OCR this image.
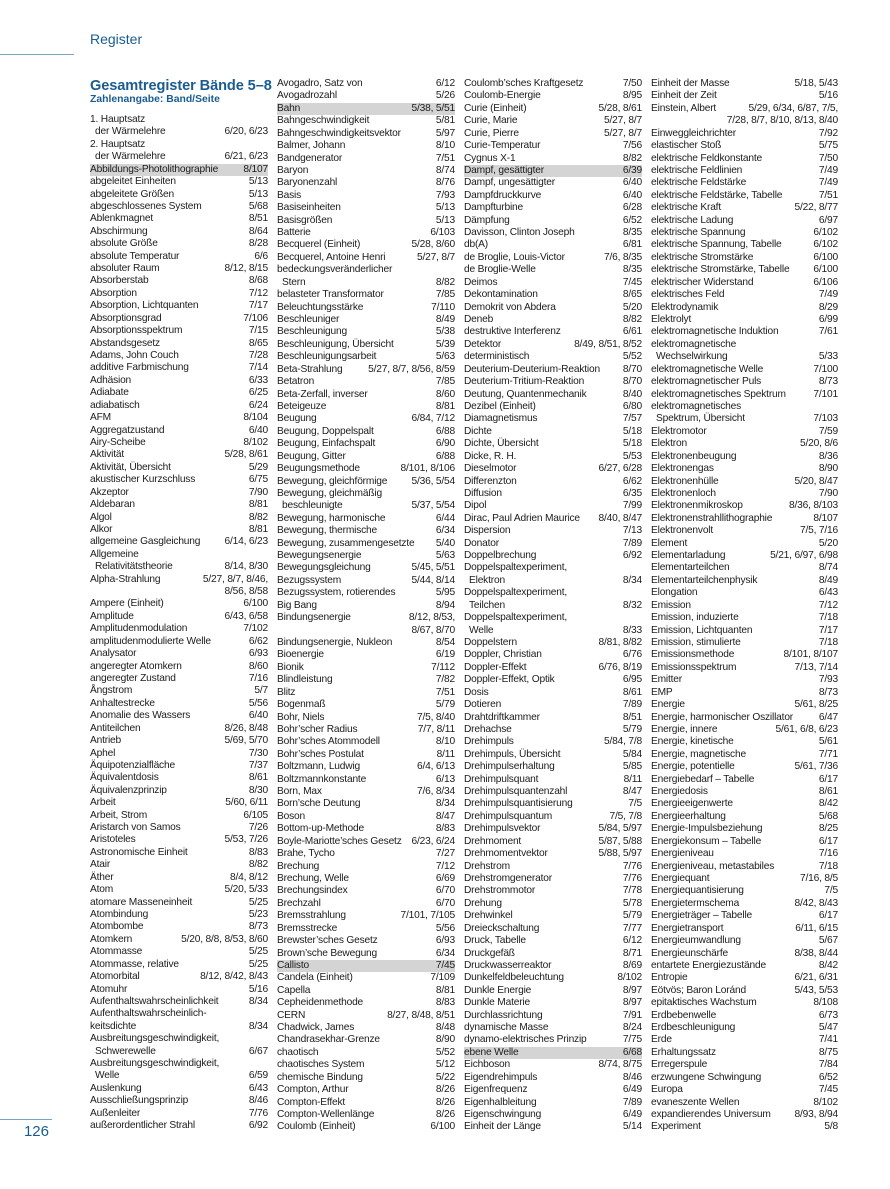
Register
Gesamtregister Bände 5–8
Zahlenangabe: Band/Seite
1. Hauptsatz
der Wärmelehre	6/20, 6/23
2. Hauptsatz
der Wärmelehre	6/21, 6/23
Abbildungs-Photolithographie 8/107
abgeleitet Einheiten	5/13
abgeleitete Größen	5/13
abgeschlossenes System	5/68
Ablenkmagnet	8/51
Abschirmung	8/64
absolute Größe	8/28
absolute Temperatur	6/6
absoluter Raum	8/12, 8/15
Absorberstab	8/68
Absorption	7/12
Absorption, Lichtquanten	7/17
Absorptionsgrad	7/106
Absorptionsspektrum	7/15
Abstandsgesetz	8/65
Adams, John Couch	7/28
additive Farbmischung	7/14
Adhäsion	6/33
Adiabate	6/25
adiabatisch	6/24
AFM	8/104
Aggregatzustand	6/40
Airy-Scheibe	8/102
Aktivität	5/28, 8/61
Aktivität, Übersicht	5/29
akustischer Kurzschluss	6/75
Akzeptor	7/90
Aldebaran	8/81
Algol	8/82
Alkor	8/81
allgemeine Gasgleichung 6/14, 6/23
Allgemeine
Relativitätstheorie	8/14, 8/30
Alpha-Strahlung	5/27, 8/7, 8/46,
8/56, 8/58
Ampere (Einheit)	6/100
Amplitude	6/43, 6/58
Amplitudenmodulation	7/102
amplitudenmodulierte Welle	6/62
Analysator	6/93
angeregter Atomkern	8/60
angeregter Zustand	7/16
Ångstrom	5/7
Anhaltestrecke	5/56
Anomalie des Wassers	6/40
Antiteilchen	8/26, 8/48
Antrieb	5/69, 5/70
Aphel	7/30
Äquipotenzialfläche	7/37
Äquivalentdosis	8/61
Äquivalenzprinzip	8/30
Arbeit	5/60, 6/11
Arbeit, Strom	6/105
Aristarch von Samos	7/26
Aristoteles	5/53, 7/26
Astronomische Einheit	8/83
Atair	8/82
Äther	8/4, 8/12
Atom	5/20, 5/33
atomare Masseneinheit	5/25
Atombindung	5/23
Atombombe	8/73
Atomkern	5/20, 8/8, 8/53, 8/60
Atommasse	5/25
Atommasse, relative	5/25
Atomorbital	8/12, 8/42, 8/43
Atomuhr	5/16
Aufenthaltswahrscheinlichkeit	8/34
Aufenthaltswahrscheinlich-
keitsdichte	8/34
Ausbreitungsgeschwindigkeit,
Schwerewelle	6/67
Ausbreitungsgeschwindigkeit,
Welle	6/59
Auslenkung	6/43
Ausschließungsprinzip	8/46
Außenleiter	7/76
außerordentlicher Strahl	6/92
Avogadro, Satz von	6/12
Avogadrozahl	5/26
Bahn	5/38, 5/51
Bahngeschwindigkeit	5/81
Bahngeschwindigkeitsvektor	5/97
Balmer, Johann	8/10
Bandgenerator	7/51
Baryon	8/74
Baryonenzahl	8/76
Basis	7/93
Basiseinheiten	5/13
Basisgrößen	5/13
Batterie	6/103
Becquerel (Einheit)	5/28, 8/60
Becquerel, Antoine Henri	5/27, 8/7
bedeckungsveränderlicher
Stern	8/82
belasteter Transformator	7/85
Beleuchtungsstärke	7/110
Beschleuniger	8/49
Beschleunigung	5/38
Beschleunigung, Übersicht	5/39
Beschleunigungsarbeit	5/63
Beta-Strahlung	5/27, 8/7, 8/56, 8/59
Betatron	7/85
Beta-Zerfall, inverser	8/60
Beteigeuze	8/81
Beugung	6/84, 7/12
Beugung, Doppelspalt	6/88
Beugung, Einfachspalt	6/90
Beugung, Gitter	6/88
Beugungsmethode	8/101, 8/106
Bewegung, gleichförmige 5/36, 5/54
Bewegung, gleichmäßig
beschleunigte	5/37, 5/54
Bewegung, harmonische	6/44
Bewegung, thermische	6/34
Bewegung, zusammengesetzte 5/40
Bewegungsenergie	5/63
Bewegungsgleichung	5/45, 5/51
Bezugssystem	5/44, 8/14
Bezugssystem, rotierendes	5/95
Big Bang	8/94
Bindungsenergie	8/12, 8/53,
8/67, 8/70
Bindungsenergie, Nukleon	8/54
Bioenergie	6/19
Bionik	7/112
Blindleistung	7/82
Blitz	7/51
Bogenmaß	5/79
Bohr, Niels	7/5, 8/40
Bohr’scher Radius	7/7, 8/11
Bohr’sches Atommodell	8/10
Bohr’sches Postulat	8/11
Boltzmann, Ludwig	6/4, 6/13
Boltzmannkonstante	6/13
Born, Max	7/6, 8/34
Born’sche Deutung	8/34
Boson	8/47
Bottom-up-Methode	8/83
Boyle-Mariotte’sches Gesetz 6/23, 6/24
Brahe, Tycho	7/27
Brechung	7/12
Brechung, Welle	6/69
Brechungsindex	6/70
Brechzahl	6/70
Bremsstrahlung	7/101, 7/105
Bremsstrecke	5/56
Brewster’sches Gesetz	6/93
Brown’sche Bewegung	6/34
Callisto	7/45
Candela (Einheit)	7/109
Capella	8/81
Cepheidenmethode	8/83
CERN	8/27, 8/48, 8/51
Chadwick, James	8/48
Chandrasekhar-Grenze	8/90
chaotisch	5/52
chaotisches System	5/12
chemische Bindung	5/22
Compton, Arthur	8/26
Compton-Effekt	8/26
Compton-Wellenlänge	8/26
Coulomb (Einheit)	6/100
Coulomb’sches Kraftgesetz	7/50
Coulomb-Energie	8/95
Curie (Einheit)	5/28, 8/61
Curie, Marie	5/27, 8/7
Curie, Pierre	5/27, 8/7
Curie-Temperatur	7/56
Cygnus X-1	8/82
Dampf, gesättigter	6/39
Dampf, ungesättigter	6/40
Dampfdruckkurve	6/40
Dampfturbine	6/28
Dämpfung	6/52
Davisson, Clinton Joseph	8/35
db(A)	6/81
de Broglie, Louis-Victor	7/6, 8/35
de Broglie-Welle	8/35
Deimos	7/45
Dekontamination	8/65
Demokrit von Abdera	5/20
Deneb	8/82
destruktive Interferenz	6/61
Detektor	8/49, 8/51, 8/52
deterministisch	5/52
Deuterium-Deuterium-Reaktion 8/70
Deuterium-Tritium-Reaktion	8/70
Deutung, Quantenmechanik	8/40
Dezibel (Einheit)	6/80
Diamagnetismus	7/57
Dichte	5/18
Dichte, Übersicht	5/18
Dicke, R. H.	5/53
Dieselmotor	6/27, 6/28
Differenzton	6/62
Diffusion	6/35
Dipol	7/99
Dirac, Paul Adrien Maurice 8/40, 8/47
Dispersion	7/13
Donator	7/89
Doppelbrechung	6/92
Doppelspaltexperiment,
Elektron	8/34
Doppelspaltexperiment,
Teilchen	8/32
Doppelspaltexperiment,
Welle	8/33
Doppelstern	8/81, 8/82
Doppler, Christian	6/76
Doppler-Effekt	6/76, 8/19
Doppler-Effekt, Optik	6/95
Dosis	8/61
Dotieren	7/89
Drahtdriftkammer	8/51
Drehachse	5/79
Drehimpuls	5/84, 7/8
Drehimpuls, Übersicht	5/84
Drehimpulserhaltung	5/85
Drehimpulsquant	8/11
Drehimpulsquantenzahl	8/47
Drehimpulsquantisierung	7/5
Drehimpulsquantum	7/5, 7/8
Drehimpulsvektor	5/84, 5/97
Drehmoment	5/87, 5/88
Drehmomentvektor	5/88, 5/97
Drehstrom	7/76
Drehstromgenerator	7/76
Drehstrommotor	7/78
Drehung	5/78
Drehwinkel	5/79
Dreieckschaltung	7/77
Druck, Tabelle	6/12
Druckgefäß	8/71
Druckwasserreaktor	8/69
Dunkelfeldbeleuchtung	8/102
Dunkle Energie	8/97
Dunkle Materie	8/97
Durchlassrichtung	7/91
dynamische Masse	8/24
dynamo-elektrisches Prinzip	7/75
ebene Welle	6/68
Eichboson	8/74, 8/75
Eigendrehimpuls	8/46
Eigenfrequenz	6/49
Eigenhalbleitung	7/89
Eigenschwingung	6/49
Einheit der Länge	5/14
Einheit der Masse	5/18, 5/43
Einheit der Zeit	5/16
Einstein, Albert	5/29, 6/34, 6/87, 7/5,
7/28, 8/7, 8/10, 8/13, 8/40
Einweggleichrichter	7/92
elastischer Stoß	5/75
elektrische Feldkonstante	7/50
elektrische Feldlinien	7/49
elektrische Feldstärke	7/49
elektrische Feldstärke, Tabelle	7/51
elektrische Kraft	5/22, 8/77
elektrische Ladung	6/97
elektrische Spannung	6/102
elektrische Spannung, Tabelle	6/102
elektrische Stromstärke	6/100
elektrische Stromstärke, Tabelle 6/100
elektrischer Widerstand	6/106
elektrisches Feld	7/49
Elektrodynamik	8/29
Elektrolyt	6/99
elektromagnetische Induktion	7/61
elektromagnetische
Wechselwirkung	5/33
elektromagnetische Welle	7/100
elektromagnetischer Puls	8/73
elektromagnetisches Spektrum	7/101
elektromagnetisches
Spektrum, Übersicht	7/103
Elektromotor	7/59
Elektron	5/20, 8/6
Elektronenbeugung	8/36
Elektronengas	8/90
Elektronenhülle	5/20, 8/47
Elektronenloch	7/90
Elektronenmikroskop	8/36, 8/103
Elektronenstrahllithographie	8/107
Elektronenvolt	7/5, 7/16
Element	5/20
Elementarladung	5/21, 6/97, 6/98
Elementarteilchen	8/74
Elementarteilchenphysik	8/49
Elongation	6/43
Emission	7/12
Emission, induzierte	7/18
Emission, Lichtquanten	7/17
Emission, stimulierte	7/18
Emissionsmethode	8/101, 8/107
Emissionsspektrum	7/13, 7/14
Emitter	7/93
EMP	8/73
Energie	5/61, 8/25
Energie, harmonischer Oszillator	6/47
Energie, innere	5/61, 6/8, 6/23
Energie, kinetische	5/61
Energie, magnetische	7/71
Energie, potentielle	5/61, 7/36
Energiebedarf – Tabelle	6/17
Energiedosis	8/61
Energieeigenwerte	8/42
Energieerhaltung	5/68
Energie-Impulsbeziehung	8/25
Energiekonsum – Tabelle	6/17
Energieniveau	7/16
Energieniveau, metastabiles	7/18
Energiequant	7/16, 8/5
Energiequantisierung	7/5
Energietermschema	8/42, 8/43
Energieträger – Tabelle	6/17
Energietransport	6/11, 6/15
Energieumwandlung	5/67
Energieunschärfe	8/38, 8/44
entartete Energiezustände	8/42
Entropie	6/21, 6/31
Eötvös; Baron Loránd	5/43, 5/53
epitaktisches Wachstum	8/108
Erdbebenwelle	6/73
Erdbeschleunigung	5/47
Erde	7/41
Erhaltungssatz	8/75
Erregerspule	7/84
erzwungene Schwingung	6/52
Europa	7/45
evaneszente Wellen	8/102
expandierendes Universum 8/93, 8/94
Experiment	5/8
126
